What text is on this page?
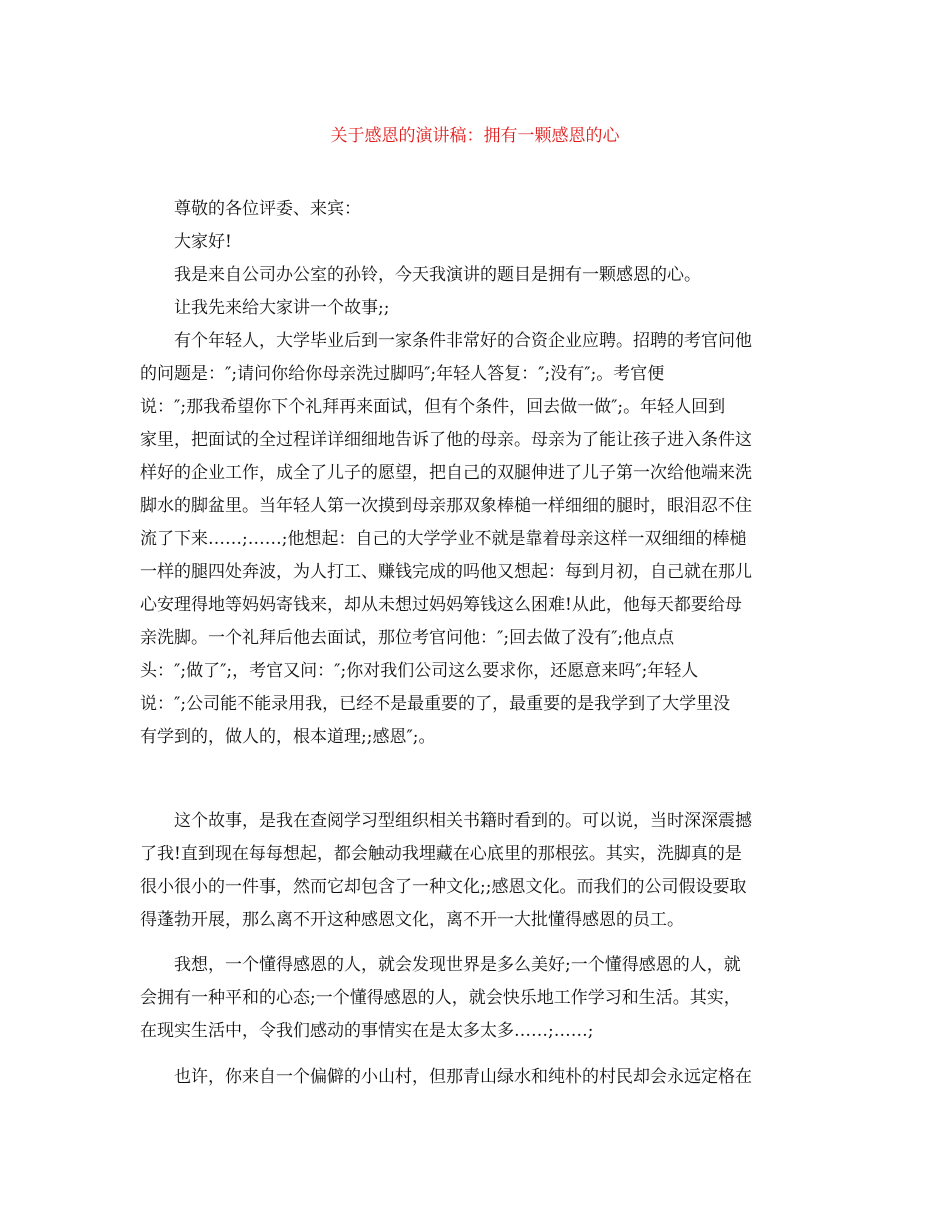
关于感恩的演讲稿：拥有一颗感恩的心

　　尊敬的各位评委、来宾：

　　大家好!

　　我是来自公司办公室的孙铃，今天我演讲的题目是拥有一颗感恩的心。

　　让我先来给大家讲一个故事;;

　　有个年轻人，大学毕业后到一家条件非常好的合资企业应聘。招聘的考官问他
的问题是：″;请问你给你母亲洗过脚吗″;年轻人答复：″;没有″;。考官便
说：″;那我希望你下个礼拜再来面试，但有个条件，回去做一做″;。年轻人回到
家里，把面试的全过程详详细细地告诉了他的母亲。母亲为了能让孩子进入条件这
样好的企业工作，成全了儿子的愿望，把自己的双腿伸进了儿子第一次给他端来洗
脚水的脚盆里。当年轻人第一次摸到母亲那双象棒槌一样细细的腿时，眼泪忍不住
流了下来……;……;他想起：自己的大学学业不就是靠着母亲这样一双细细的棒槌
一样的腿四处奔波，为人打工、赚钱完成的吗他又想起：每到月初，自己就在那儿
心安理得地等妈妈寄钱来，却从未想过妈妈筹钱这么困难!从此，他每天都要给母
亲洗脚。一个礼拜后他去面试，那位考官问他：″;回去做了没有″;他点点
头：″;做了″;，考官又问：″;你对我们公司这么要求你，还愿意来吗″;年轻人
说：″;公司能不能录用我，已经不是最重要的了，最重要的是我学到了大学里没
有学到的，做人的，根本道理;;感恩″;。

　　这个故事，是我在查阅学习型组织相关书籍时看到的。可以说，当时深深震撼
了我!直到现在每每想起，都会触动我埋藏在心底里的那根弦。其实，洗脚真的是
很小很小的一件事，然而它却包含了一种文化;;感恩文化。而我们的公司假设要取
得蓬勃开展，那么离不开这种感恩文化，离不开一大批懂得感恩的员工。

　　我想，一个懂得感恩的人，就会发现世界是多么美好;一个懂得感恩的人，就
会拥有一种平和的心态;一个懂得感恩的人，就会快乐地工作学习和生活。其实，
在现实生活中，令我们感动的事情实在是太多太多……;……;

　　也许，你来自一个偏僻的小山村，但那青山绿水和纯朴的村民却会永远定格在
